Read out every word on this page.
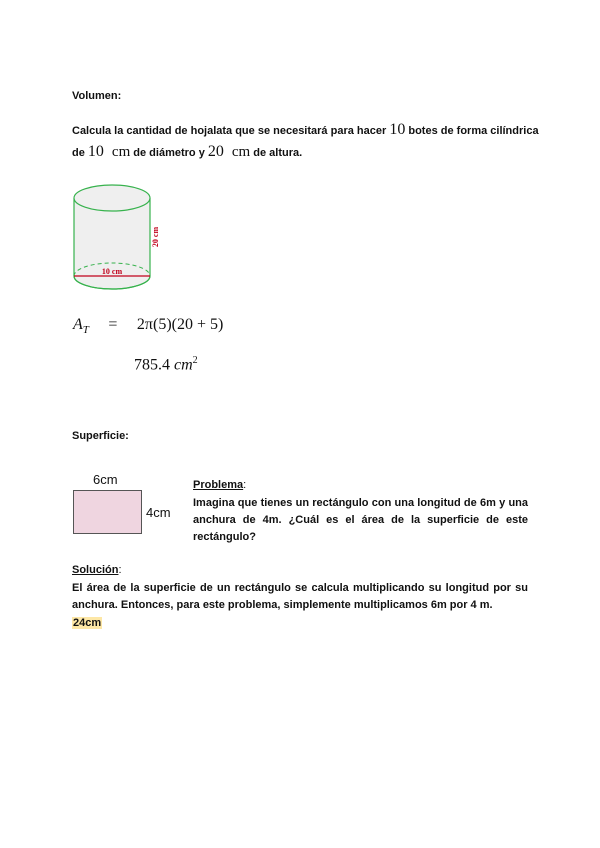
Volumen:
Calcula la cantidad de hojalata que se necesitará para hacer 10 botes de forma cilíndrica
de 10 cm de diámetro y 20 cm de altura.
10 cm
20 cm
$A_T = 2\pi(5)(20 + 5)$
785.4 $cm^2$
Superficie:
6cm
4cm
Problema:
Imagina que tienes un rectángulo con una longitud de 6m y una anchura de 4m. ¿Cuál es el área de la superficie de este rectángulo?
Solución:
El área de la superficie de un rectángulo se calcula multiplicando su longitud por su anchura. Entonces, para este problema, simplemente multiplicamos 6m por 4 m.
24cm
